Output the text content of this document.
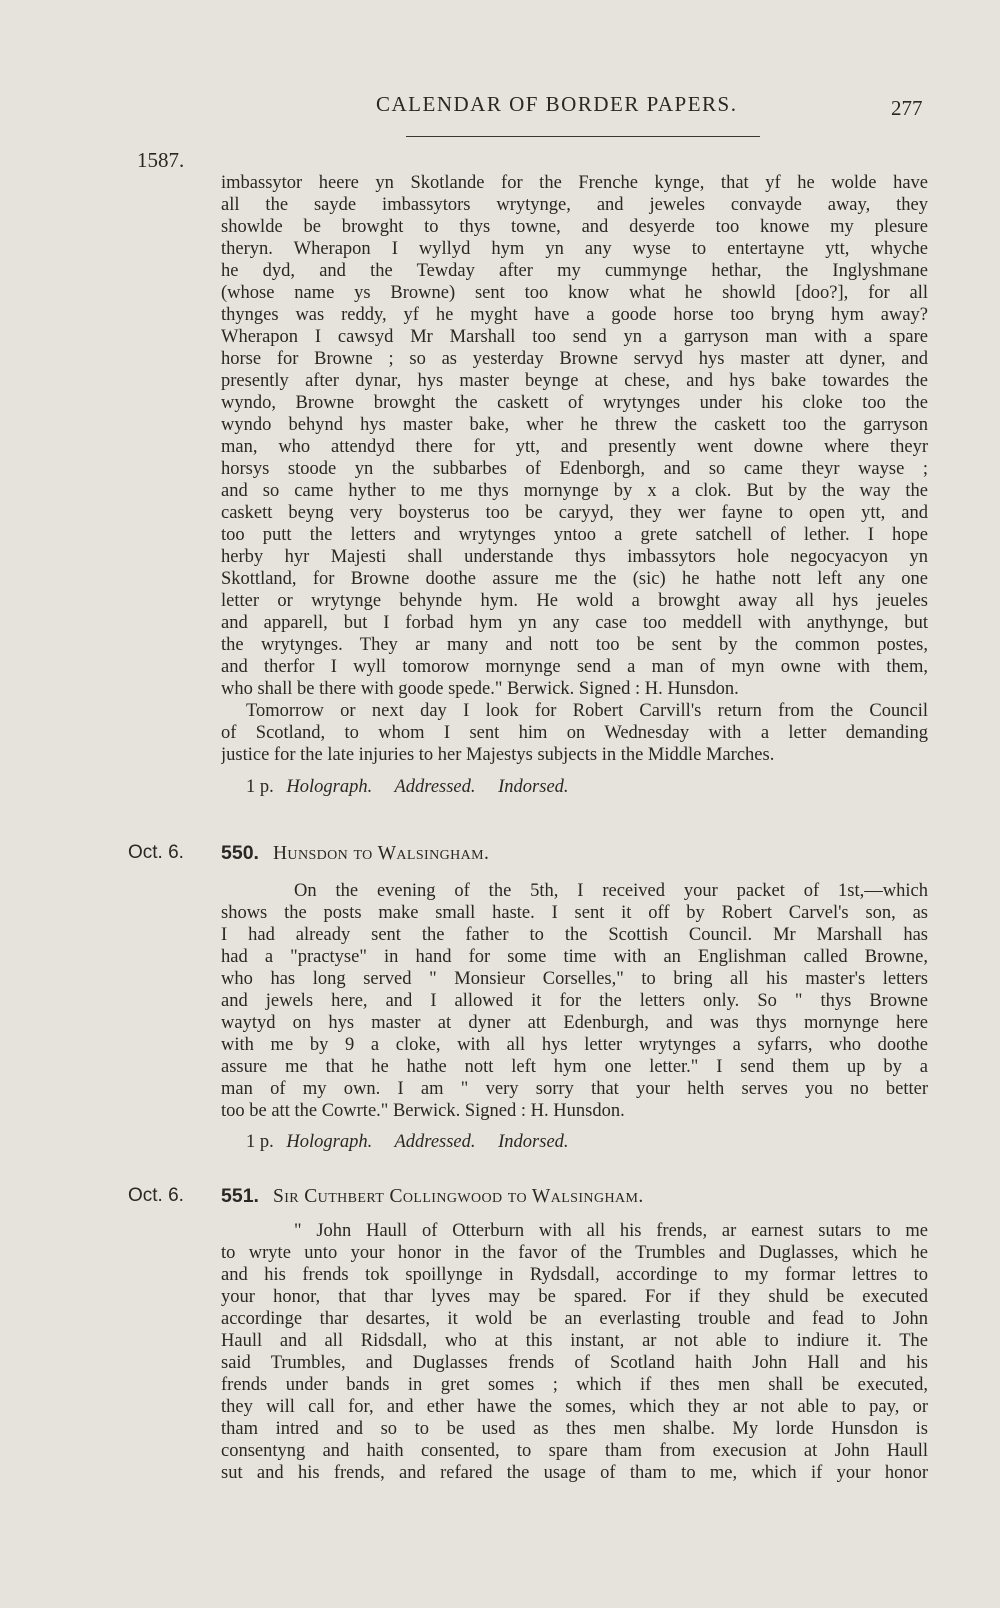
CALENDAR OF BORDER PAPERS.	277
1587.
imbassytor heere yn Skotlande for the Frenche kynge, that yf he wolde have
all the sayde imbassytors wrytynge, and jeweles convayde away, they
showlde be browght to thys towne, and desyerde too knowe my plesure
theryn. Wherapon I wyllyd hym yn any wyse to entertayne ytt, whyche
he dyd, and the Tewday after my cummynge hethar, the Inglyshmane
(whose name ys Browne) sent too know what he showld [doo?], for all
thynges was reddy, yf he myght have a goode horse too bryng hym away?
Wherapon I cawsyd Mr Marshall too send yn a garryson man with a spare
horse for Browne ; so as yesterday Browne servyd hys master att dyner, and
presently after dynar, hys master beynge at chese, and hys bake towardes the
wyndo, Browne browght the caskett of wrytynges under his cloke too the
wyndo behynd hys master bake, wher he threw the caskett too the garryson
man, who attendyd there for ytt, and presently went downe where theyr
horsys stoode yn the subbarbes of Edenborgh, and so came theyr wayse ;
and so came hyther to me thys mornynge by x a clok. But by the way the
caskett beyng very boysterus too be caryyd, they wer fayne to open ytt, and
too putt the letters and wrytynges yntoo a grete satchell of lether. I hope
herby hyr Majesti shall understande thys imbassytors hole negocyacyon yn
Skottland, for Browne doothe assure me the (sic) he hathe nott left any one
letter or wrytynge behynde hym. He wold a browght away all hys jeueles
and apparell, but I forbad hym yn any case too meddell with anythynge, but
the wrytynges. They ar many and nott too be sent by the common postes,
and therfor I wyll tomorow mornynge send a man of myn owne with them,
who shall be there with goode spede." Berwick. Signed : H. Hunsdon.
Tomorrow or next day I look for Robert Carvill's return from the Council
of Scotland, to whom I sent him on Wednesday with a letter demanding
justice for the late injuries to her Majestys subjects in the Middle Marches.
1 p. Holograph. Addressed. Indorsed.
Oct. 6. 550. Hunsdon to Walsingham.
On the evening of the 5th, I received your packet of 1st,—which
shows the posts make small haste. I sent it off by Robert Carvel's son, as
I had already sent the father to the Scottish Council. Mr Marshall has
had a "practyse" in hand for some time with an Englishman called Browne,
who has long served " Monsieur Corselles," to bring all his master's letters
and jewels here, and I allowed it for the letters only. So " thys Browne
waytyd on hys master at dyner att Edenburgh, and was thys mornynge here
with me by 9 a cloke, with all hys letter wrytynges a syfarrs, who doothe
assure me that he hathe nott left hym one letter." I send them up by a
man of my own. I am " very sorry that your helth serves you no better
too be att the Cowrte." Berwick. Signed : H. Hunsdon.
1 p. Holograph. Addressed. Indorsed.
Oct. 6. 551. Sir Cuthbert Collingwood to Walsingham.
" John Haull of Otterburn with all his frends, ar earnest sutars to me
to wryte unto your honor in the favor of the Trumbles and Duglasses, which he
and his frends tok spoillynge in Rydsdall, accordinge to my formar lettres to
your honor, that thar lyves may be spared. For if they shuld be executed
accordinge thar desartes, it wold be an everlasting trouble and fead to John
Haull and all Ridsdall, who at this instant, ar not able to indiure it. The
said Trumbles, and Duglasses frends of Scotland haith John Hall and his
frends under bands in gret somes ; which if thes men shall be executed,
they will call for, and ether hawe the somes, which they ar not able to pay, or
tham intred and so to be used as thes men shalbe. My lorde Hunsdon is
consentyng and haith consented, to spare tham from execusion at John Haull
sut and his frends, and refared the usage of tham to me, which if your honor
